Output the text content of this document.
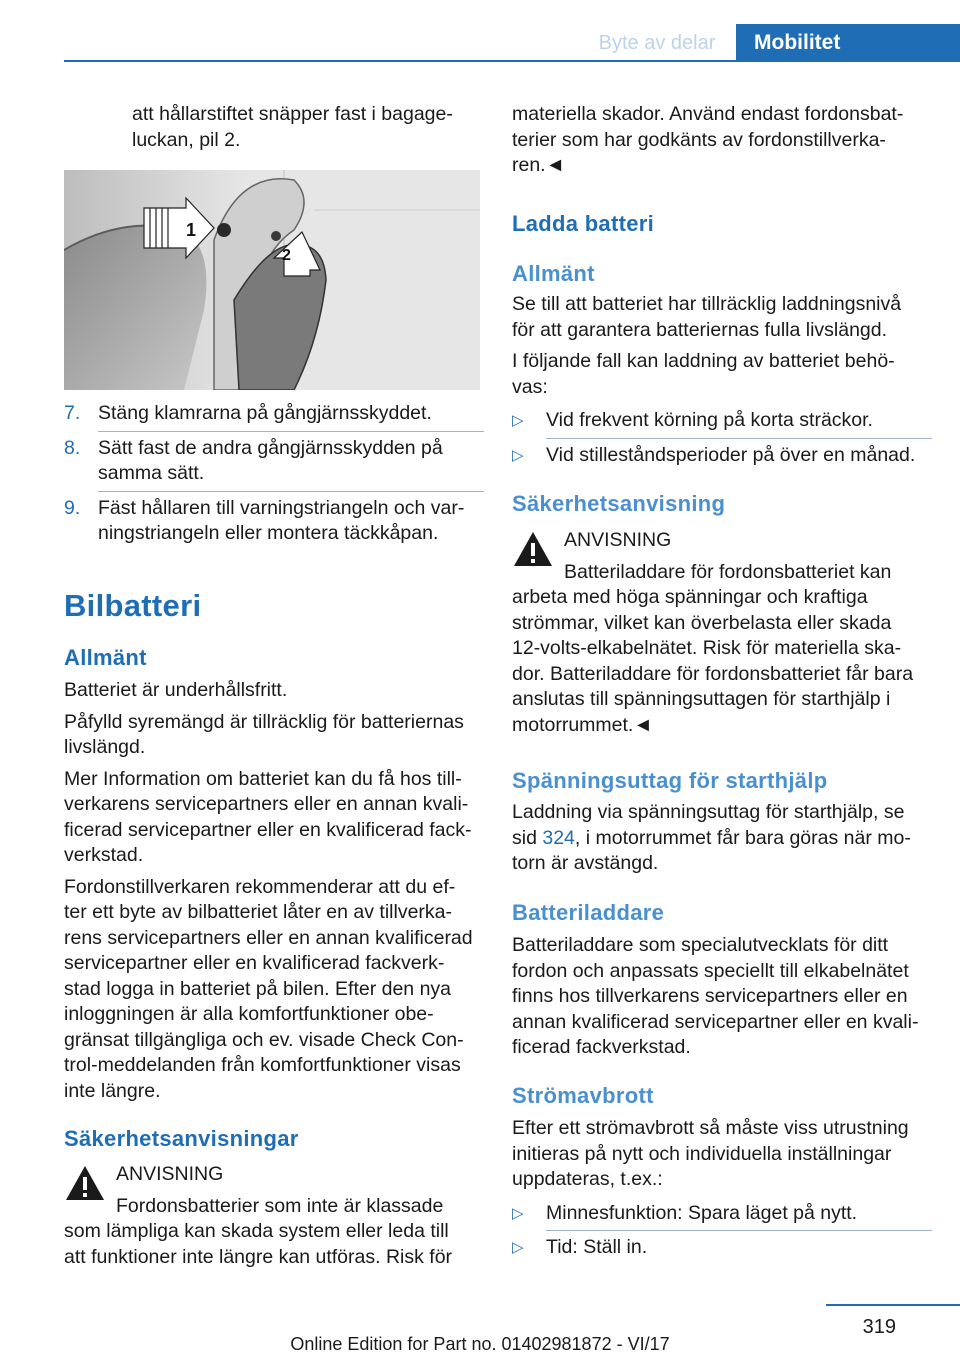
Byte av delar	Mobilitet

att hållarstiftet snäpper fast i bagage-

luckan, pil 2.

1
2
7. Stäng klamrarna på gångjärnsskyddet.
8. Sätt fast de andra gångjärnsskydden på
samma sätt.
9. Fäst hållaren till varningstriangeln och var-
ningstriangeln eller montera täckkåpan.
Bilbatteri
Allmänt

Batteriet är underhållsfritt.

Påfylld syremängd är tillräcklig för batteriernas

livslängd.

Mer Information om batteriet kan du få hos till-

verkarens servicepartners eller en annan kvali-

ficerad servicepartner eller en kvalificerad fack-

verkstad.

Fordonstillverkaren rekommenderar att du ef-

ter ett byte av bilbatteriet låter en av tillverka-

rens servicepartners eller en annan kvalificerad

servicepartner eller en kvalificerad fackverk-

stad logga in batteriet på bilen. Efter den nya

inloggningen är alla komfortfunktioner obe-

gränsat tillgängliga och ev. visade Check Con-

trol-meddelanden från komfortfunktioner visas

inte längre.

Säkerhetsanvisningar
ANVISNING
Fordonsbatterier som inte är klassade
som lämpliga kan skada system eller leda till
att funktioner inte längre kan utföras. Risk för

materiella skador. Använd endast fordonsbat-

terier som har godkänts av fordonstillverka-

ren.◄

Ladda batteri
Allmänt

Se till att batteriet har tillräcklig laddningsnivå

för att garantera batteriernas fulla livslängd.

I följande fall kan laddning av batteriet behö-

vas:

▷	Vid frekvent körning på korta sträckor.
▷	Vid stilleståndsperioder på över en månad.
Säkerhetsanvisning
ANVISNING
Batteriladdare för fordonsbatteriet kan
arbeta med höga spänningar och kraftiga
strömmar, vilket kan överbelasta eller skada
12-volts-elkabelnätet. Risk för materiella ska-
dor. Batteriladdare för fordonsbatteriet får bara
anslutas till spänningsuttagen för starthjälp i
motorrummet.◄
Spänningsuttag för starthjälp

Laddning via spänningsuttag för starthjälp, se

sid 324, i motorrummet får bara göras när mo-

torn är avstängd.

Batteriladdare

Batteriladdare som specialutvecklats för ditt

fordon och anpassats speciellt till elkabelnätet

finns hos tillverkarens servicepartners eller en

annan kvalificerad servicepartner eller en kvali-

ficerad fackverkstad.

Strömavbrott

Efter ett strömavbrott så måste viss utrustning

initieras på nytt och individuella inställningar

uppdateras, t.ex.:

▷	Minnesfunktion: Spara läget på nytt.
▷	Tid: Ställ in.
319
Online Edition for Part no. 01402981872 - VI/17
